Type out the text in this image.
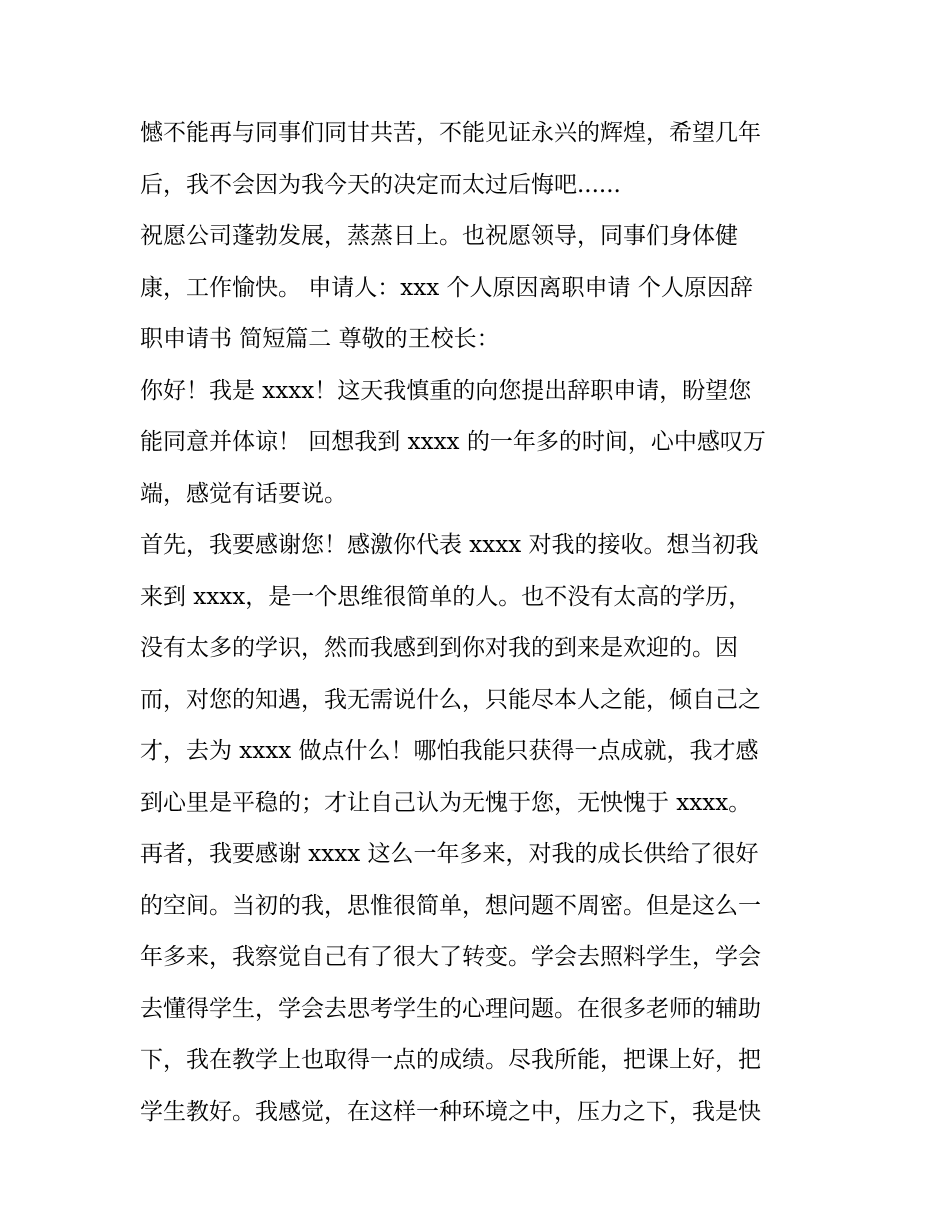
憾不能再与同事们同甘共苦，不能见证永兴的辉煌，希望几年
后，我不会因为我今天的决定而太过后悔吧......
祝愿公司蓬勃发展，蒸蒸日上。也祝愿领导，同事们身体健
康，工作愉快。 申请人：xxx 个人原因离职申请 个人原因辞
职申请书 简短篇二 尊敬的王校长：
你好！我是 xxxx！这天我慎重的向您提出辞职申请，盼望您
能同意并体谅！ 回想我到 xxxx 的一年多的时间，心中感叹万
端，感觉有话要说。
首先，我要感谢您！感激你代表 xxxx 对我的接收。想当初我
来到 xxxx，是一个思维很简单的人。也不没有太高的学历，
没有太多的学识，然而我感到到你对我的到来是欢迎的。因
而，对您的知遇，我无需说什么，只能尽本人之能，倾自己之
才，去为 xxxx 做点什么！哪怕我能只获得一点成就，我才感
到心里是平稳的；才让自己认为无愧于您，无怏愧于 xxxx。
再者，我要感谢 xxxx 这么一年多来，对我的成长供给了很好
的空间。当初的我，思惟很简单，想问题不周密。但是这么一
年多来，我察觉自己有了很大了转变。学会去照料学生，学会
去懂得学生，学会去思考学生的心理问题。在很多老师的辅助
下，我在教学上也取得一点的成绩。尽我所能，把课上好，把
学生教好。我感觉，在这样一种环境之中，压力之下，我是快
